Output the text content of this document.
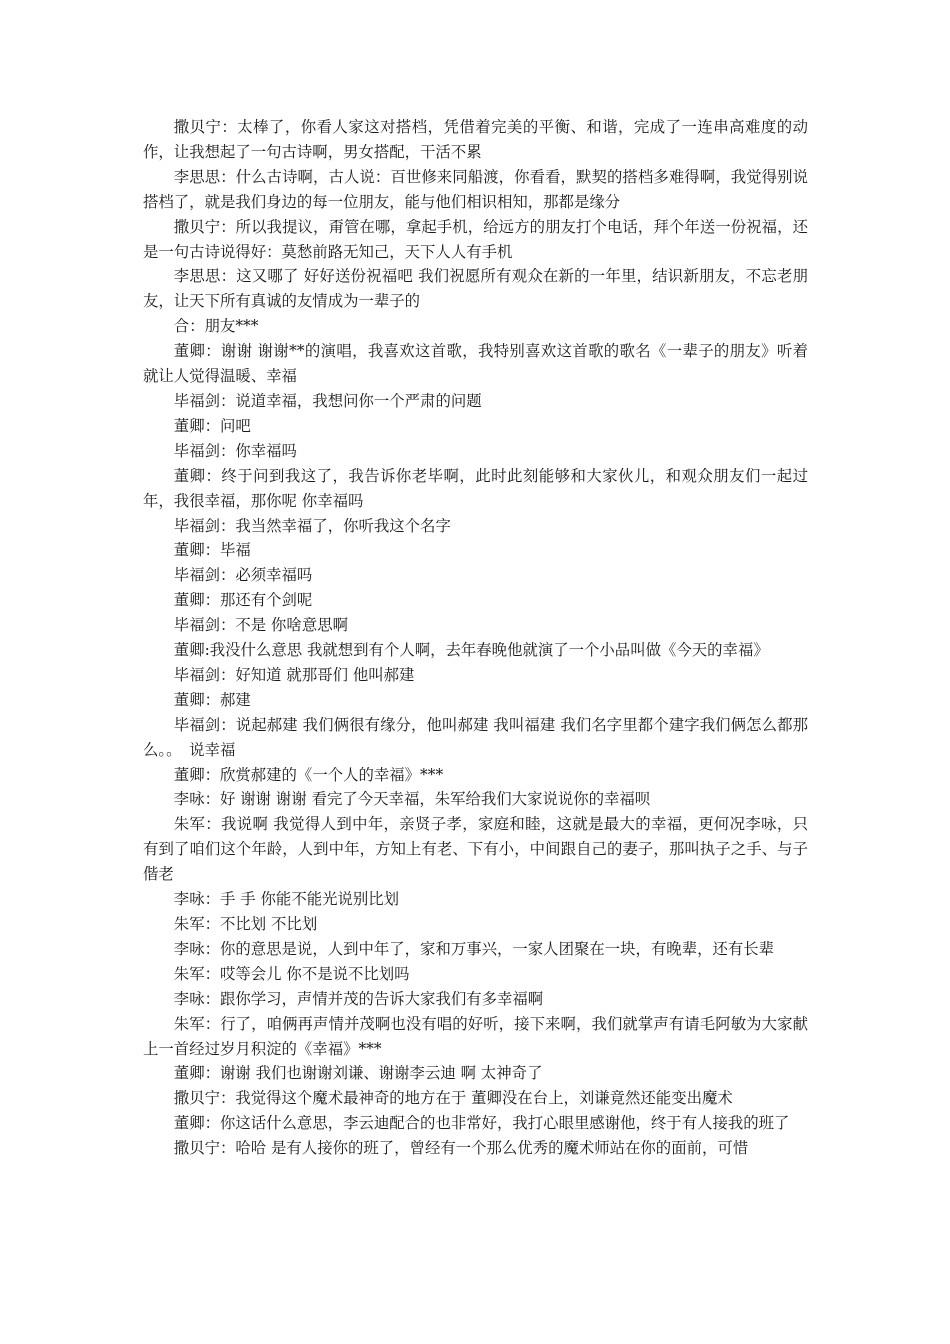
撒贝宁：太棒了，你看人家这对搭档，凭借着完美的平衡、和谐，完成了一连串高难度的动作，让我想起了一句古诗啊，男女搭配，干活不累

李思思：什么古诗啊，古人说：百世修来同船渡，你看看，默契的搭档多难得啊，我觉得别说搭档了，就是我们身边的每一位朋友，能与他们相识相知，那都是缘分

撒贝宁：所以我提议，甭管在哪，拿起手机，给远方的朋友打个电话，拜个年送一份祝福，还是一句古诗说得好：莫愁前路无知己，天下人人有手机

李思思：这又哪了 好好送份祝福吧 我们祝愿所有观众在新的一年里，结识新朋友，不忘老朋友，让天下所有真诚的友情成为一辈子的

合：朋友***

董卿：谢谢 谢谢**的演唱，我喜欢这首歌，我特别喜欢这首歌的歌名《一辈子的朋友》听着就让人觉得温暖、幸福

毕福剑：说道幸福，我想问你一个严肃的问题

董卿：问吧

毕福剑：你幸福吗

董卿：终于问到我这了，我告诉你老毕啊，此时此刻能够和大家伙儿，和观众朋友们一起过年，我很幸福，那你呢 你幸福吗

毕福剑：我当然幸福了，你听我这个名字

董卿：毕福

毕福剑：必须幸福吗

董卿：那还有个剑呢

毕福剑：不是 你啥意思啊

董卿:我没什么意思 我就想到有个人啊，去年春晚他就演了一个小品叫做《今天的幸福》

毕福剑：好知道 就那哥们 他叫郝建

董卿：郝建

毕福剑：说起郝建 我们俩很有缘分，他叫郝建 我叫福建 我们名字里都个建字我们俩怎么都那么。。　说幸福

董卿：欣赏郝建的《一个人的幸福》***

李咏：好 谢谢 谢谢 看完了今天幸福，朱军给我们大家说说你的幸福呗

朱军：我说啊 我觉得人到中年，亲贤子孝，家庭和睦，这就是最大的幸福，更何况李咏，只有到了咱们这个年龄，人到中年，方知上有老、下有小，中间跟自己的妻子，那叫执子之手、与子偕老

李咏：手 手 你能不能光说别比划

朱军：不比划 不比划

李咏：你的意思是说，人到中年了，家和万事兴，一家人团聚在一块，有晚辈，还有长辈

朱军：哎等会儿 你不是说不比划吗

李咏：跟你学习，声情并茂的告诉大家我们有多幸福啊

朱军：行了，咱俩再声情并茂啊也没有唱的好听，接下来啊，我们就掌声有请毛阿敏为大家献上一首经过岁月积淀的《幸福》***

董卿：谢谢 我们也谢谢刘谦、谢谢李云迪 啊 太神奇了

撒贝宁：我觉得这个魔术最神奇的地方在于 董卿没在台上，刘谦竟然还能变出魔术

董卿：你这话什么意思，李云迪配合的也非常好，我打心眼里感谢他，终于有人接我的班了

撒贝宁：哈哈 是有人接你的班了，曾经有一个那么优秀的魔术师站在你的面前，可惜
